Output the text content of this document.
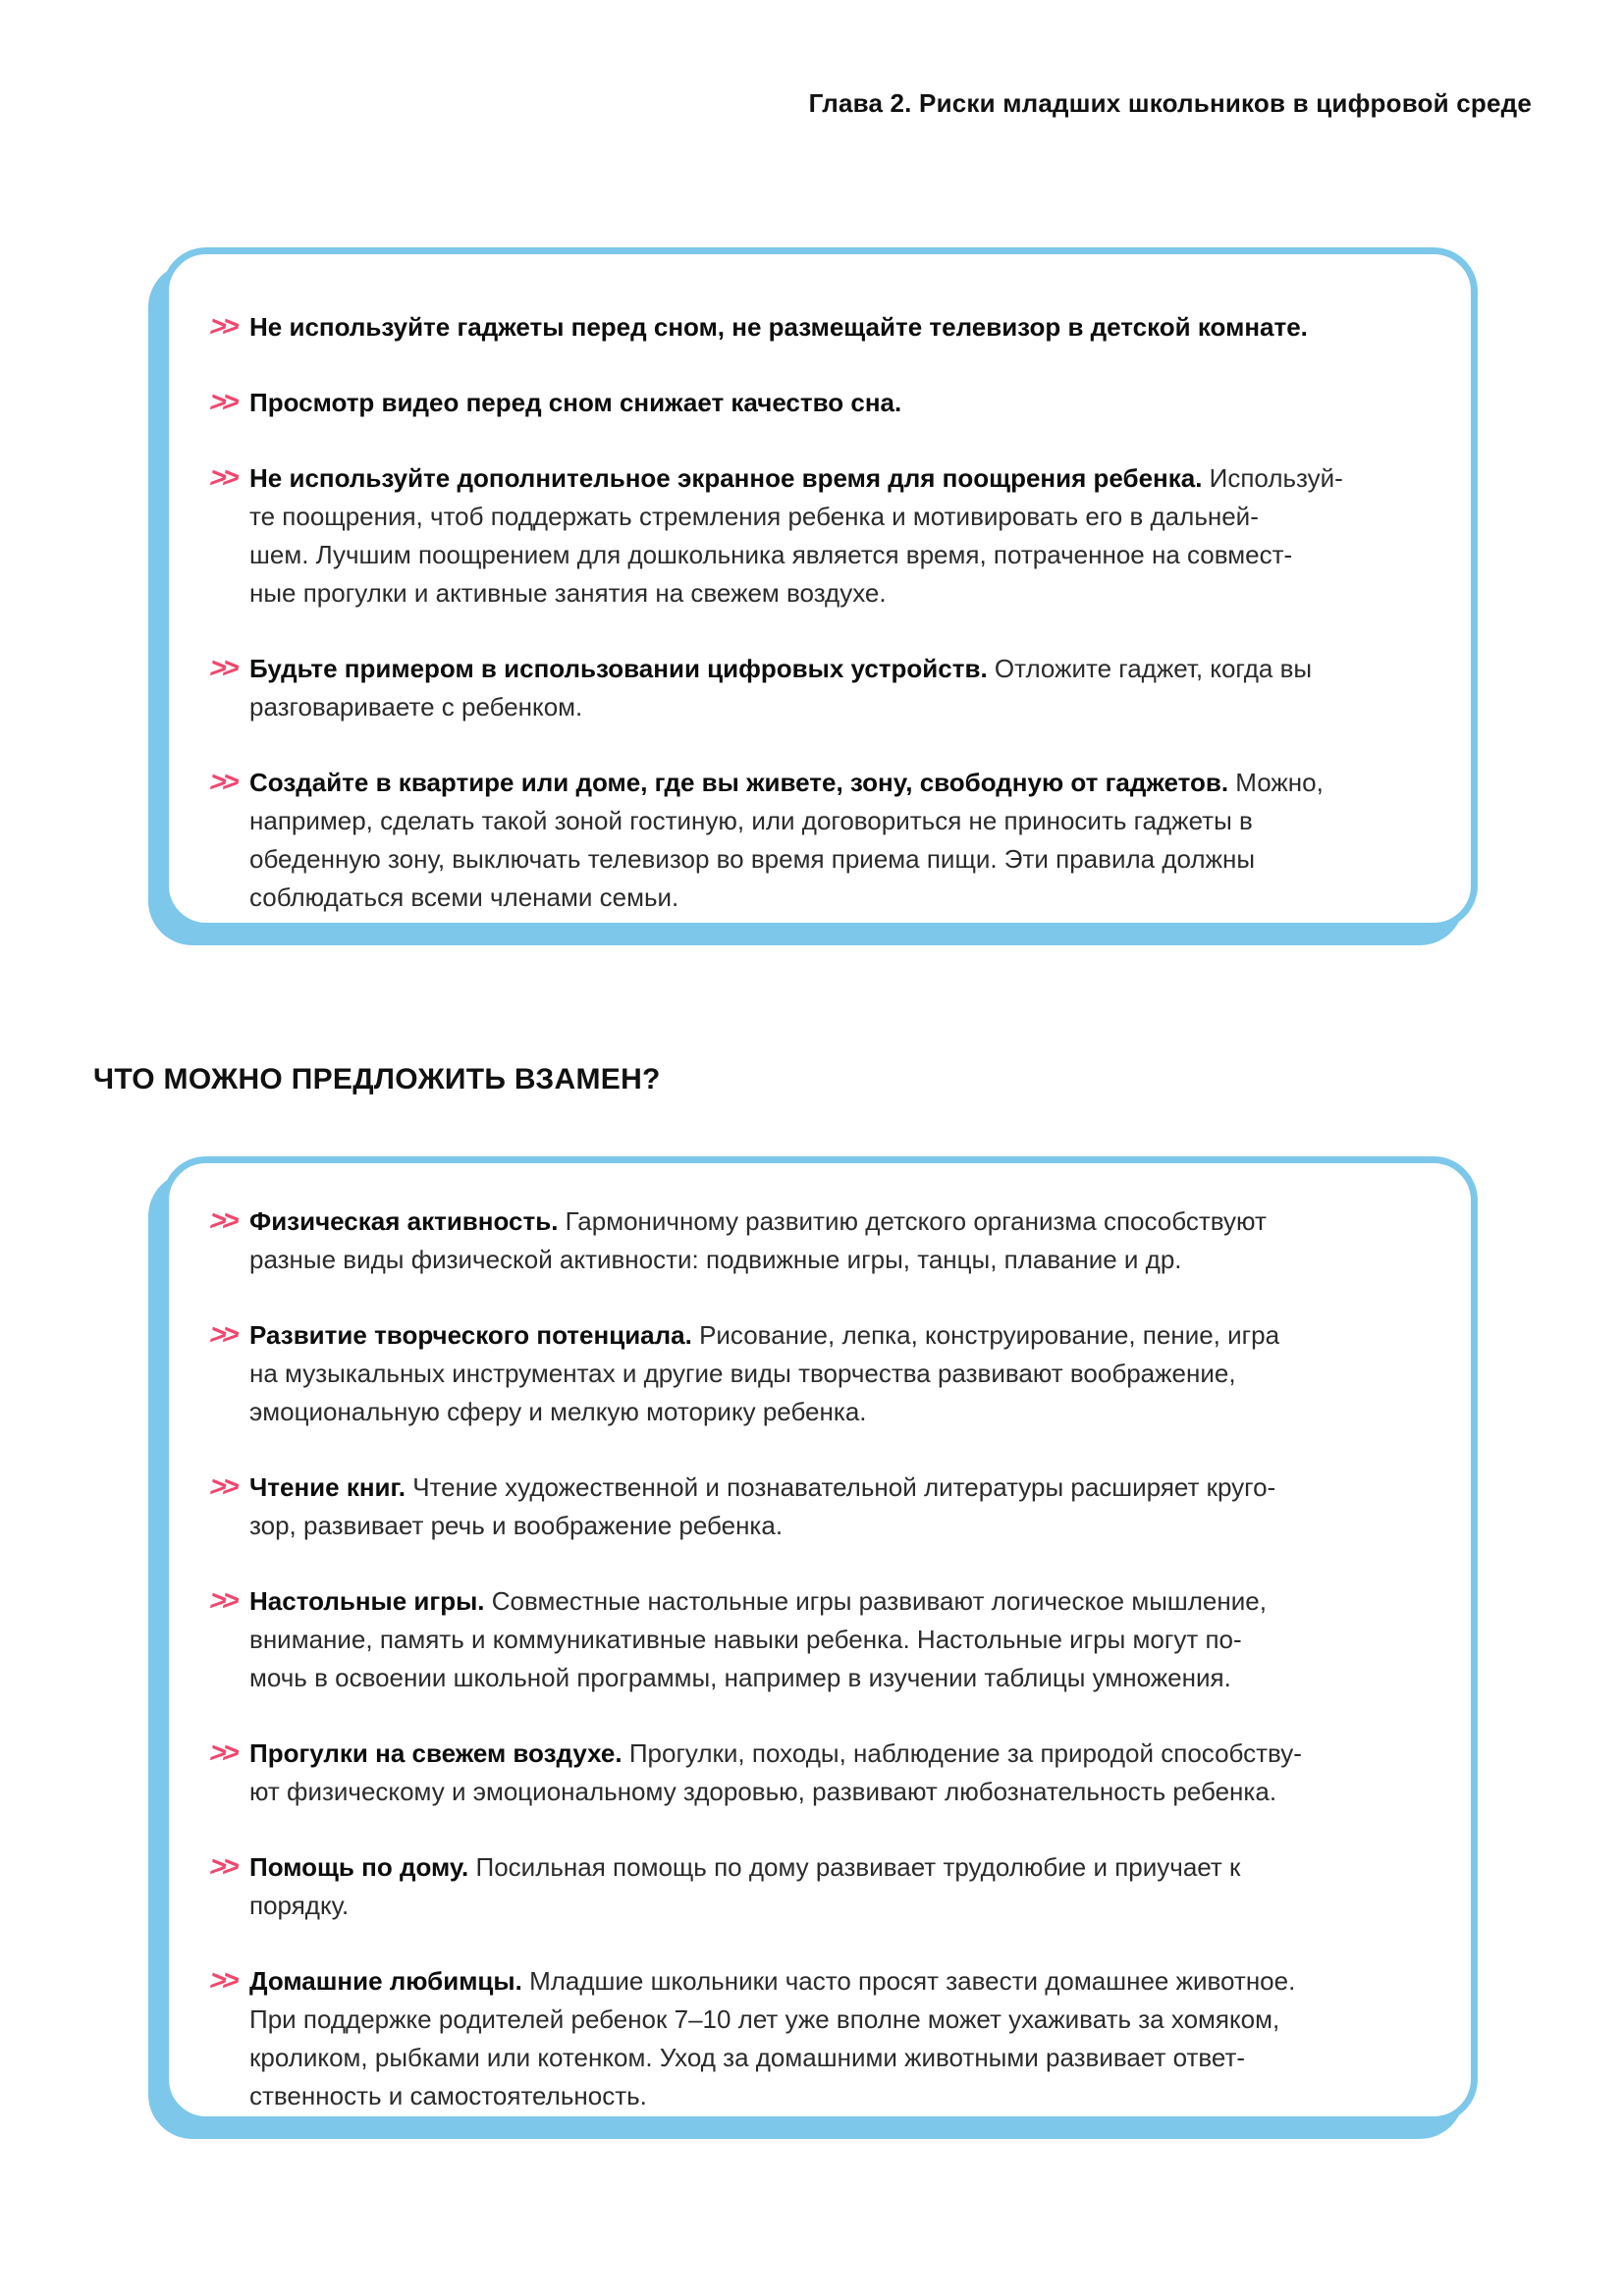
Глава 2. Риски младших школьников в цифровой среде
>> Не используйте гаджеты перед сном, не размещайте телевизор в детской комнате.

>> Просмотр видео перед сном снижает качество сна.

>> Не используйте дополнительное экранное время для поощрения ребенка. Используй-
те поощрения, чтоб поддержать стремления ребенка и мотивировать его в дальней-
шем. Лучшим поощрением для дошкольника является время, потраченное на совмест-
ные прогулки и активные занятия на свежем воздухе.

>> Будьте примером в использовании цифровых устройств. Отложите гаджет, когда вы
разговариваете с ребенком.

>> Создайте в квартире или доме, где вы живете, зону, свободную от гаджетов. Можно,
например, сделать такой зоной гостиную, или договориться не приносить гаджеты в
обеденную зону, выключать телевизор во время приема пищи. Эти правила должны
соблюдаться всеми членами семьи.

ЧТО МОЖНО ПРЕДЛОЖИТЬ ВЗАМЕН?
>> Физическая активность. Гармоничному развитию детского организма способствуют
разные виды физической активности: подвижные игры, танцы, плавание и др.

>> Развитие творческого потенциала. Рисование, лепка, конструирование, пение, игра
на музыкальных инструментах и другие виды творчества развивают воображение,
эмоциональную сферу и мелкую моторику ребенка.

>> Чтение книг. Чтение художественной и познавательной литературы расширяет круго-
зор, развивает речь и воображение ребенка.

>> Настольные игры. Совместные настольные игры развивают логическое мышление,
внимание, память и коммуникативные навыки ребенка. Настольные игры могут по-
мочь в освоении школьной программы, например в изучении таблицы умножения.

>> Прогулки на свежем воздухе. Прогулки, походы, наблюдение за природой способству-
ют физическому и эмоциональному здоровью, развивают любознательность ребенка.

>> Помощь по дому. Посильная помощь по дому развивает трудолюбие и приучает к
порядку.

>> Домашние любимцы. Младшие школьники часто просят завести домашнее животное.
При поддержке родителей ребенок 7–10 лет уже вполне может ухаживать за хомяком,
кроликом, рыбками или котенком. Уход за домашними животными развивает ответ-
ственность и самостоятельность.
